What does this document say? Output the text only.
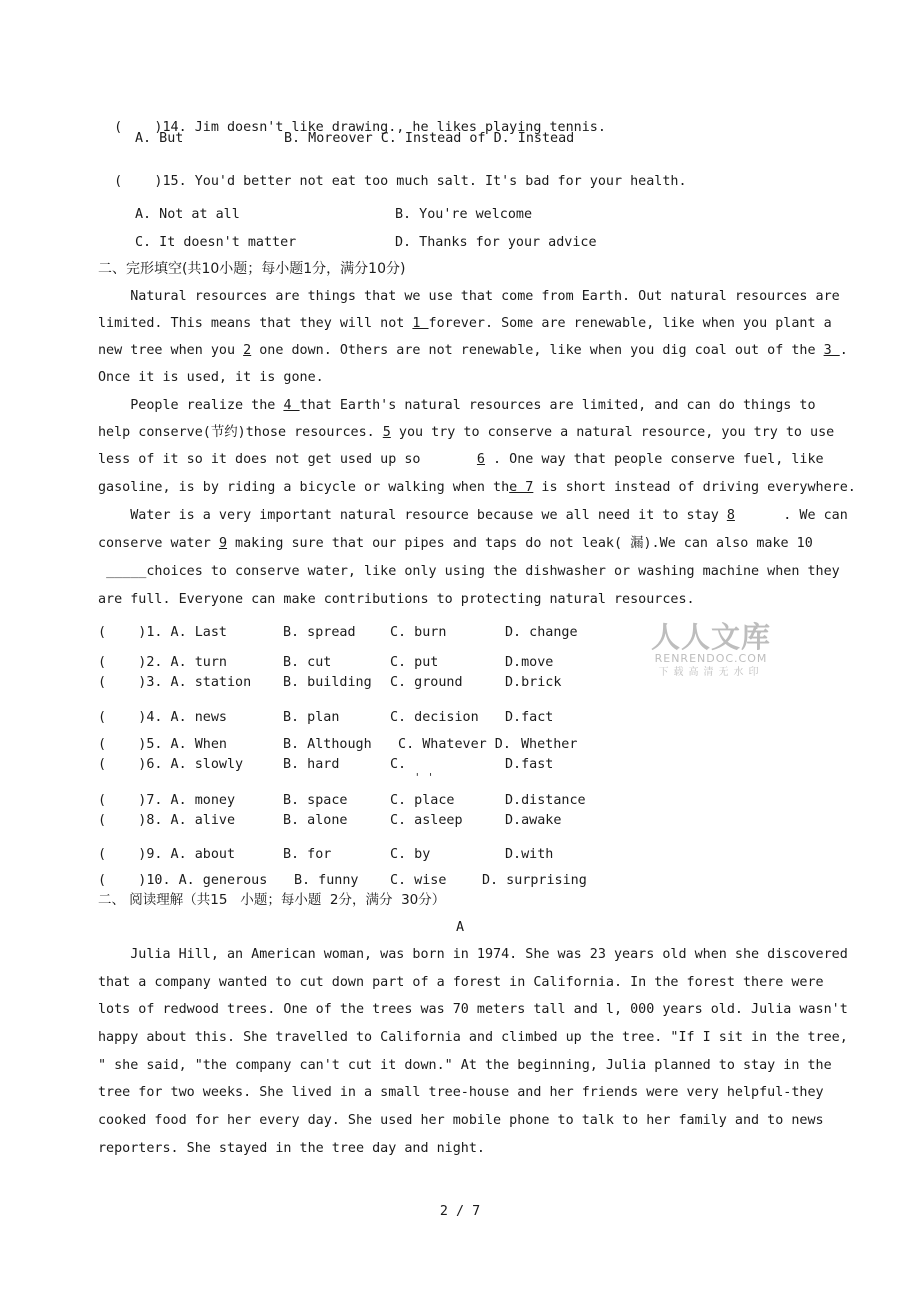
(    )14. Jim doesn't like drawing., he likes playing tennis.

A. But	B. Moreover C. Instead of D. Instead

(    )15. You'd better not eat too much salt. It's bad for your health.

A. Not at all	B. You're welcome
C. It doesn't matter	D. Thanks for your advice
二、完形填空(共10小题；每小题1分，满分10分)
Natural resources are things that we use that come from Earth. Out natural resources are
limited. This means that they will not 1 forever. Some are renewable, like when you plant a
new tree when you 2 one down. Others are not renewable, like when you dig coal out of the 3 .
Once it is used, it is gone.
People realize the 4 that Earth's natural resources are limited, and can do things to
help conserve(节约)those resources. 5 you try to conserve a natural resource, you try to use
less of it so it does not get used up so       6 . One way that people conserve fuel, like
gasoline, is by riding a bicycle or walking when the 7 is short instead of driving everywhere.
Water is a very important natural resource because we all need it to stay 8      . We can
conserve water 9 making sure that our pipes and taps do not leak( 漏).We can also make 10
_____choices to conserve water, like only using the dishwasher or washing machine when they
are full. Everyone can make contributions to protecting natural resources.
(    )1. A. Last	B. spread	C. burn	D. change
(    )2. A. turn	B. cut	C. put	D.move
(    )3. A. station B. building C. ground	D.brick
(    )4. A. news	B. plan	C. decision D.fact
(    )5. A. When	B. Although C. Whatever D. Whether
(    )6. A. slowly	B. hard	C.	D.fast
' '
(    )7. A. money	B. space	C. place	D.distance
(    )8. A. alive	B. alone	C. asleep	D.awake
(    )9. A. about	B. for	C. by	D.with
(    )10. A. generous B. funny C. wise	D. surprising
人人文库
RENRENDOC.COM
下载高清无水印
二、 阅读理解（共15   小题；每小题  2分，满分  30分）
A
Julia Hill, an American woman, was born in 1974. She was 23 years old when she discovered
that a company wanted to cut down part of a forest in California. In the forest there were
lots of redwood trees. One of the trees was 70 meters tall and l, 000 years old. Julia wasn't
happy about this. She travelled to California and climbed up the tree. "If I sit in the tree,
" she said, "the company can't cut it down." At the beginning, Julia planned to stay in the
tree for two weeks. She lived in a small tree-house and her friends were very helpful-they
cooked food for her every day. She used her mobile phone to talk to her family and to news
reporters. She stayed in the tree day and night.
2 / 7
